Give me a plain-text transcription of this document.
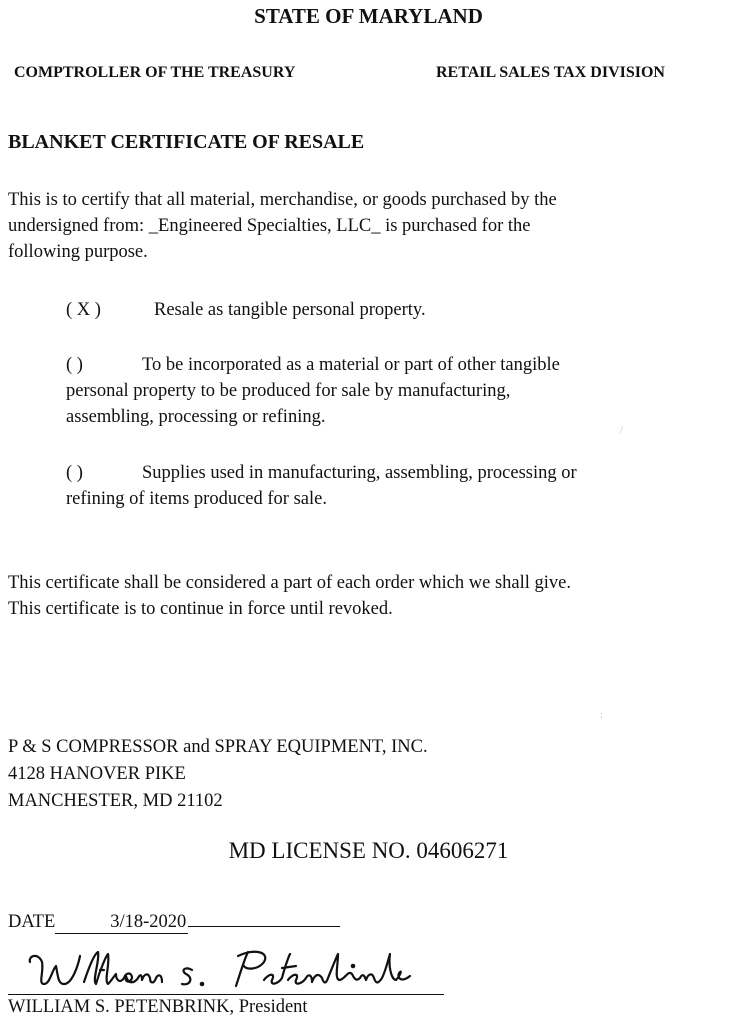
STATE OF MARYLAND
COMPTROLLER OF THE TREASURY	RETAIL SALES TAX DIVISION
BLANKET CERTIFICATE OF RESALE
This is to certify that all material, merchandise, or goods purchased by the
undersigned from: _Engineered Specialties, LLC_ is purchased for the
following purpose.
( X )	Resale as tangible personal property.
( )	To be incorporated as a material or part of other tangible
personal property to be produced for sale by manufacturing,
assembling, processing or refining.
( )	Supplies used in manufacturing, assembling, processing or
refining of items produced for sale.
This certificate shall be considered a part of each order which we shall give.
This certificate is to continue in force until revoked.
P & S COMPRESSOR and SPRAY EQUIPMENT, INC.
4128 HANOVER PIKE
MANCHESTER, MD 21102
MD LICENSE NO. 04606271
DATE	3/18-2020
WILLIAM S. PETENBRINK, President
/
:
